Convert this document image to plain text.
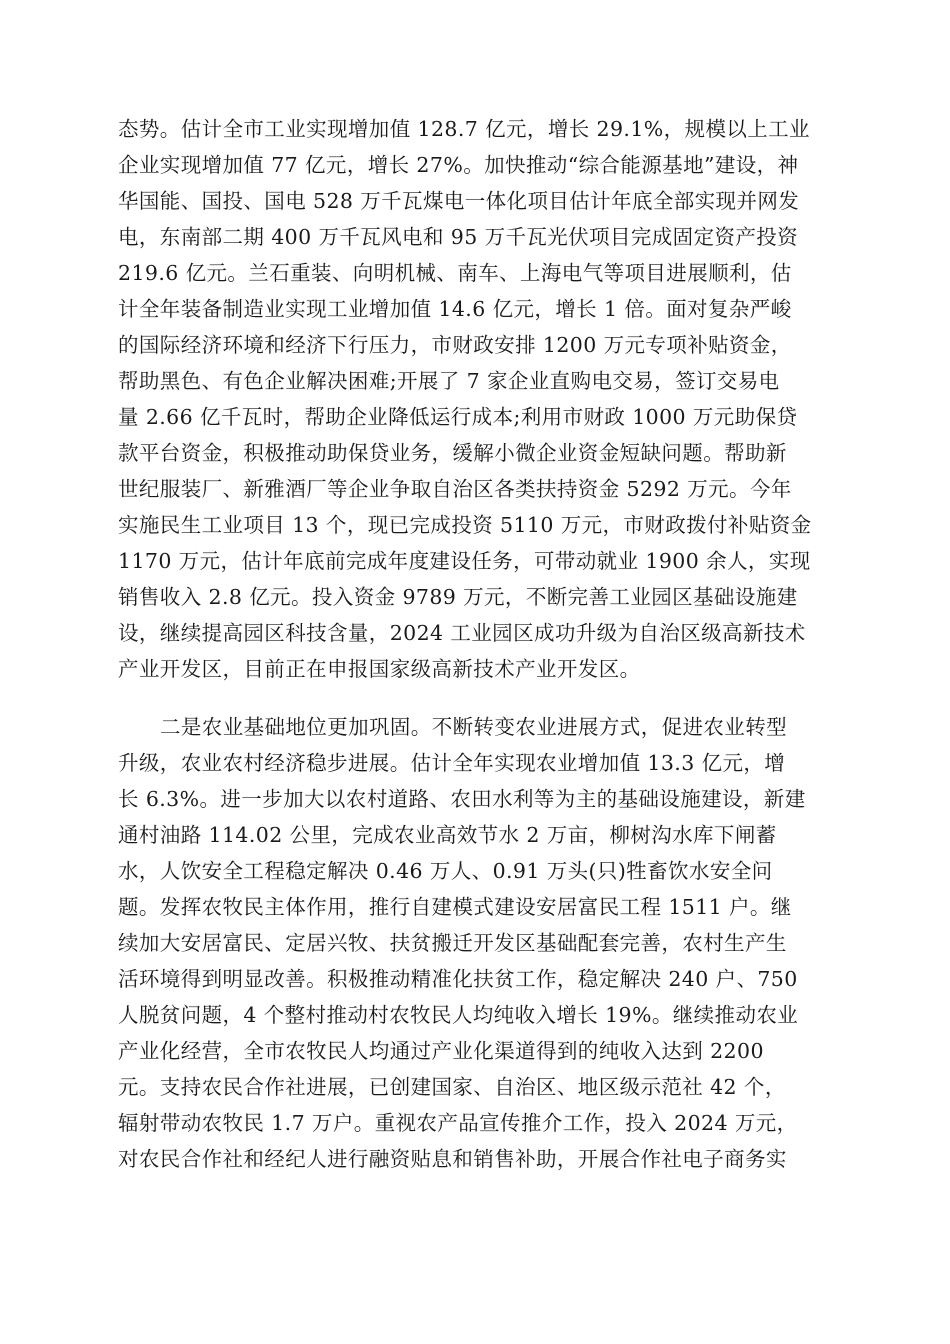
态势。估计全市工业实现增加值 128.7 亿元，增长 29.1%，规模以上工业
企业实现增加值 77 亿元，增长 27%。加快推动“综合能源基地”建设，神
华国能、国投、国电 528 万千瓦煤电一体化项目估计年底全部实现并网发
电，东南部二期 400 万千瓦风电和 95 万千瓦光伏项目完成固定资产投资
219.6 亿元。兰石重装、向明机械、南车、上海电气等项目进展顺利，估
计全年装备制造业实现工业增加值 14.6 亿元，增长 1 倍。面对复杂严峻
的国际经济环境和经济下行压力，市财政安排 1200 万元专项补贴资金，
帮助黑色、有色企业解决困难;开展了 7 家企业直购电交易，签订交易电
量 2.66 亿千瓦时，帮助企业降低运行成本;利用市财政 1000 万元助保贷
款平台资金，积极推动助保贷业务，缓解小微企业资金短缺问题。帮助新
世纪服装厂、新雅酒厂等企业争取自治区各类扶持资金 5292 万元。今年
实施民生工业项目 13 个，现已完成投资 5110 万元，市财政拨付补贴资金
1170 万元，估计年底前完成年度建设任务，可带动就业 1900 余人，实现
销售收入 2.8 亿元。投入资金 9789 万元，不断完善工业园区基础设施建
设，继续提高园区科技含量，2024 工业园区成功升级为自治区级高新技术
产业开发区，目前正在申报国家级高新技术产业开发区。
二是农业基础地位更加巩固。不断转变农业进展方式，促进农业转型
升级，农业农村经济稳步进展。估计全年实现农业增加值 13.3 亿元，增
长 6.3%。进一步加大以农村道路、农田水利等为主的基础设施建设，新建
通村油路 114.02 公里，完成农业高效节水 2 万亩，柳树沟水库下闸蓄
水，人饮安全工程稳定解决 0.46 万人、0.91 万头(只)牲畜饮水安全问
题。发挥农牧民主体作用，推行自建模式建设安居富民工程 1511 户。继
续加大安居富民、定居兴牧、扶贫搬迁开发区基础配套完善，农村生产生
活环境得到明显改善。积极推动精准化扶贫工作，稳定解决 240 户、750
人脱贫问题，4 个整村推动村农牧民人均纯收入增长 19%。继续推动农业
产业化经营，全市农牧民人均通过产业化渠道得到的纯收入达到 2200
元。支持农民合作社进展，已创建国家、自治区、地区级示范社 42 个，
辐射带动农牧民 1.7 万户。重视农产品宣传推介工作，投入 2024 万元，
对农民合作社和经纪人进行融资贴息和销售补助，开展合作社电子商务实
